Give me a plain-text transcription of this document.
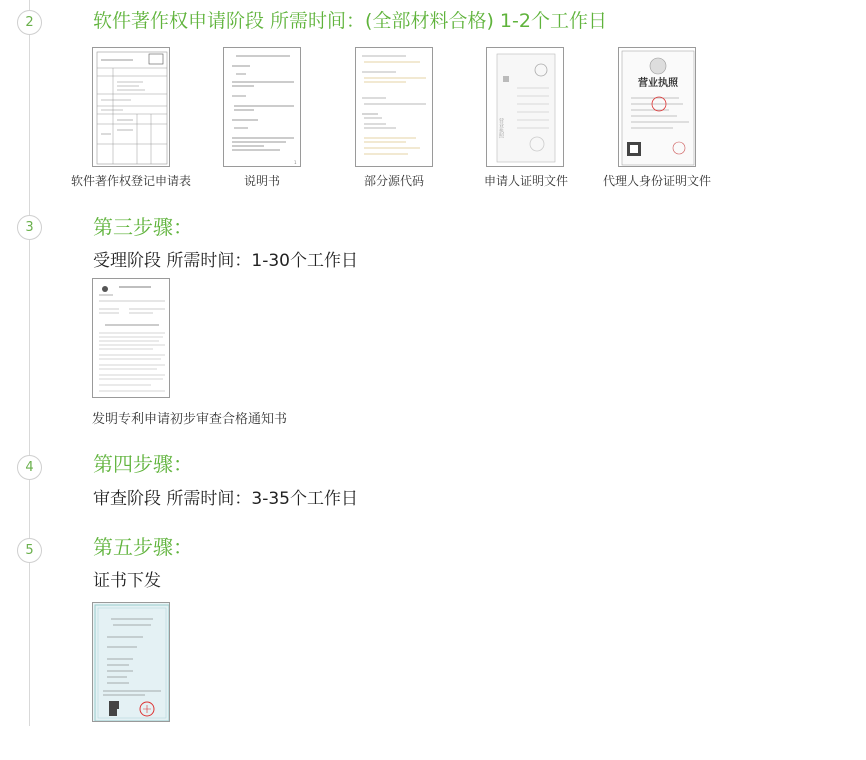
2	软件著作权申请阶段 所需时间：(全部材料合格) 1-2个工作日
软件著作权登记申请表
1
说明书	部分源代码
营业执照
申请人证明文件
营业执照
代理人身份证明文件
3	第三步骤：
受理阶段 所需时间：1-30个工作日
发明专利申请初步审查合格通知书
4	第四步骤：
审查阶段 所需时间：3-35个工作日
5	第五步骤：
证书下发
